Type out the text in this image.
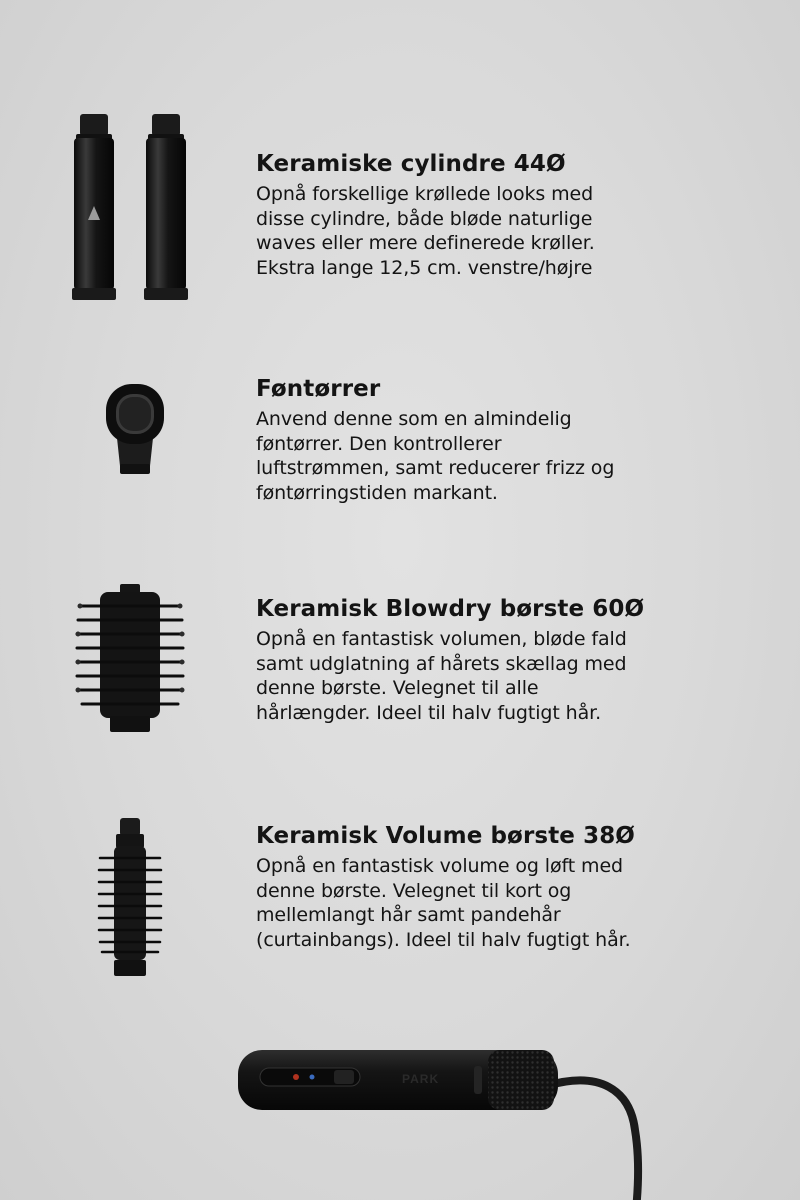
Keramiske cylindre 44Ø
Opnå forskellige krøllede looks med
disse cylindre, både bløde naturlige
waves eller mere definerede krøller.
Ekstra lange 12,5 cm. venstre/højre
Føntørrer
Anvend denne som en almindelig
føntørrer. Den kontrollerer
luftstrømmen, samt reducerer frizz og
føntørringstiden markant.
Keramisk Blowdry børste 60Ø
Opnå en fantastisk volumen, bløde fald
samt udglatning af hårets skællag med
denne børste. Velegnet til alle
hårlængder. Ideel til halv fugtigt hår.
Keramisk Volume børste 38Ø
Opnå en fantastisk volume og løft med
denne børste. Velegnet til kort og
mellemlangt hår samt pandehår
(curtainbangs). Ideel til halv fugtigt hår.
PARK
